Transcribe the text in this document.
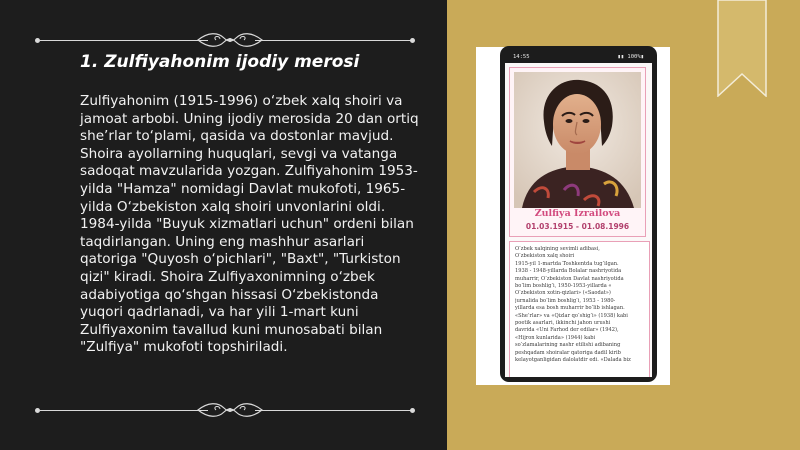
1. Zulfiyahonim ijodiy merosi
Zulfiyahonim (1915-1996) o‘zbek xalq shoiri va jamoat arbobi. Uning ijodiy merosida 20 dan ortiq she’rlar to‘plami, qasida va dostonlar mavjud. Shoira ayollarning huquqlari, sevgi va vatanga sadoqat mavzularida yozgan. Zulfiyahonim 1953-yilda "Hamza" nomidagi Davlat mukofoti, 1965-yilda O‘zbekiston xalq shoiri unvonlarini oldi. 1984-yilda "Buyuk xizmatlari uchun" ordeni bilan taqdirlangan. Uning eng mashhur asarlari qatoriga "Quyosh o‘pichlari", "Baxt", "Turkiston qizi" kiradi. Shoira Zulfiyaxonimning o‘zbek adabiyotiga qo‘shgan hissasi O‘zbekistonda yuqori qadrlanadi, va har yili 1-mart kuni Zulfiyaxonim tavallud kuni munosabati bilan "Zulfiya" mukofoti topshiriladi.
14:55	▮▮ 100%▮
Zulfiya Izrailova
01.03.1915 - 01.08.1996
O‘zbek xalqining sevimli adibasi,
O‘zbekiston xalq shoiri
1915-yil 1-martda Toshkentda tug‘ilgan.
1938 - 1948-yillarda Bolalar nashriyotida
muharrir, O‘zbekiston Davlat nashriyotida
bo‘lim boshlig‘i, 1950-1953-yillarda «
O‘zbekiston xotin-qizlari» («Saodat»)
jurnalida bo‘lim boshlig‘i, 1953 - 1980-
yillarda esa bosh muharrir bo‘lib ishlagan.
«She’rlar» va «Qizlar qo‘shig‘i» (1938) kabi
poetik asarlari, ikkinchi jahon urushi
davrida «Uni Farhod der edilar» (1942),
«Hijron kunlarida» (1944) kabi
so‘zlamalarining nashr etilishi adibaning
peshqadam shoiralar qatoriga dadil kirib
kelayotganligidan dalolatdir edi. «Dalada biz
